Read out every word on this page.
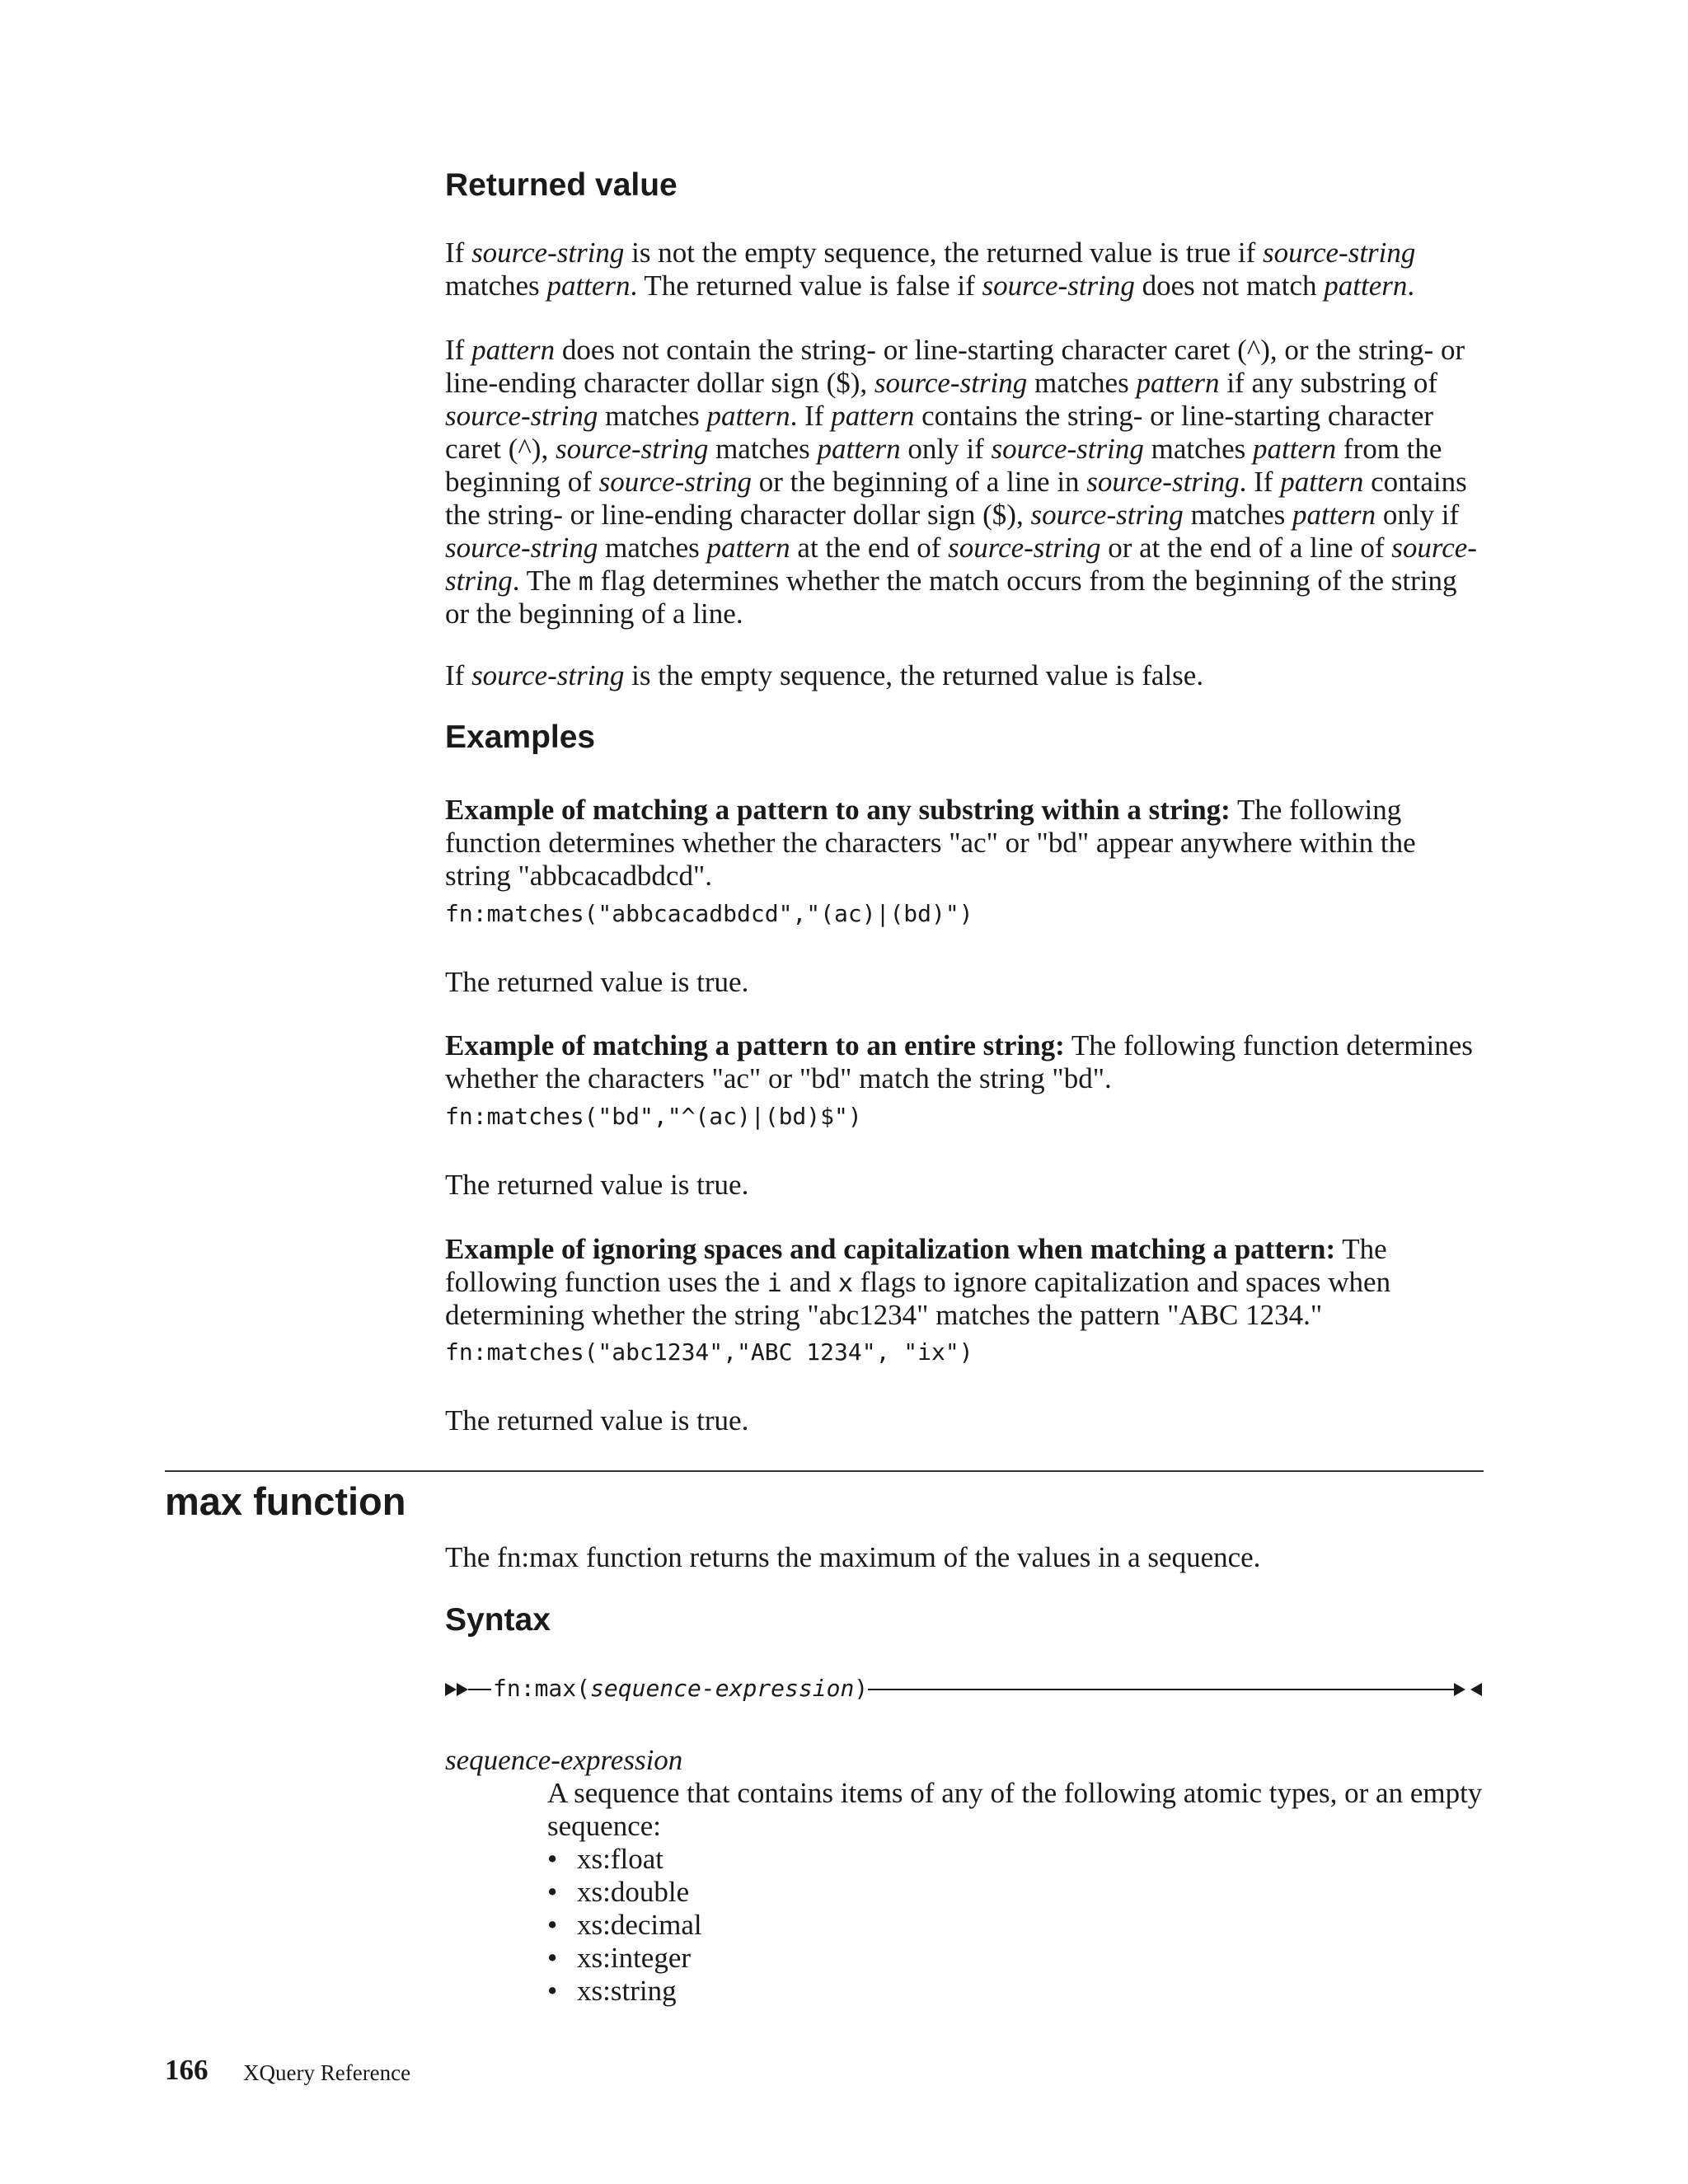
Returned value

If source-string is not the empty sequence, the returned value is true if source-string matches pattern. The returned value is false if source-string does not match pattern.

If pattern does not contain the string- or line-starting character caret (^), or the string- or line-ending character dollar sign ($), source-string matches pattern if any substring of source-string matches pattern. If pattern contains the string- or line-starting character caret (^), source-string matches pattern only if source-string matches pattern from the beginning of source-string or the beginning of a line in source-string. If pattern contains the string- or line-ending character dollar sign ($), source-string matches pattern only if source-string matches pattern at the end of source-string or at the end of a line of source-string. The m flag determines whether the match occurs from the beginning of the string or the beginning of a line.

If source-string is the empty sequence, the returned value is false.

Examples

Example of matching a pattern to any substring within a string: The following function determines whether the characters "ac" or "bd" appear anywhere within the string "abbcacadbdcd".

fn:matches("abbcacadbdcd","(ac)|(bd)")
The returned value is true.

Example of matching a pattern to an entire string: The following function determines whether the characters "ac" or "bd" match the string "bd".

fn:matches("bd","^(ac)|(bd)$")
The returned value is true.

Example of ignoring spaces and capitalization when matching a pattern: The following function uses the i and x flags to ignore capitalization and spaces when determining whether the string "abc1234" matches the pattern "ABC 1234."

fn:matches("abc1234","ABC 1234", "ix")
The returned value is true.
max function
The fn:max function returns the maximum of the values in a sequence.
Syntax
fn:max(sequence-expression)
sequence-expression

A sequence that contains items of any of the following atomic types, or an empty sequence:

• xs:float
• xs:double
• xs:decimal
• xs:integer
• xs:string
166 XQuery Reference
